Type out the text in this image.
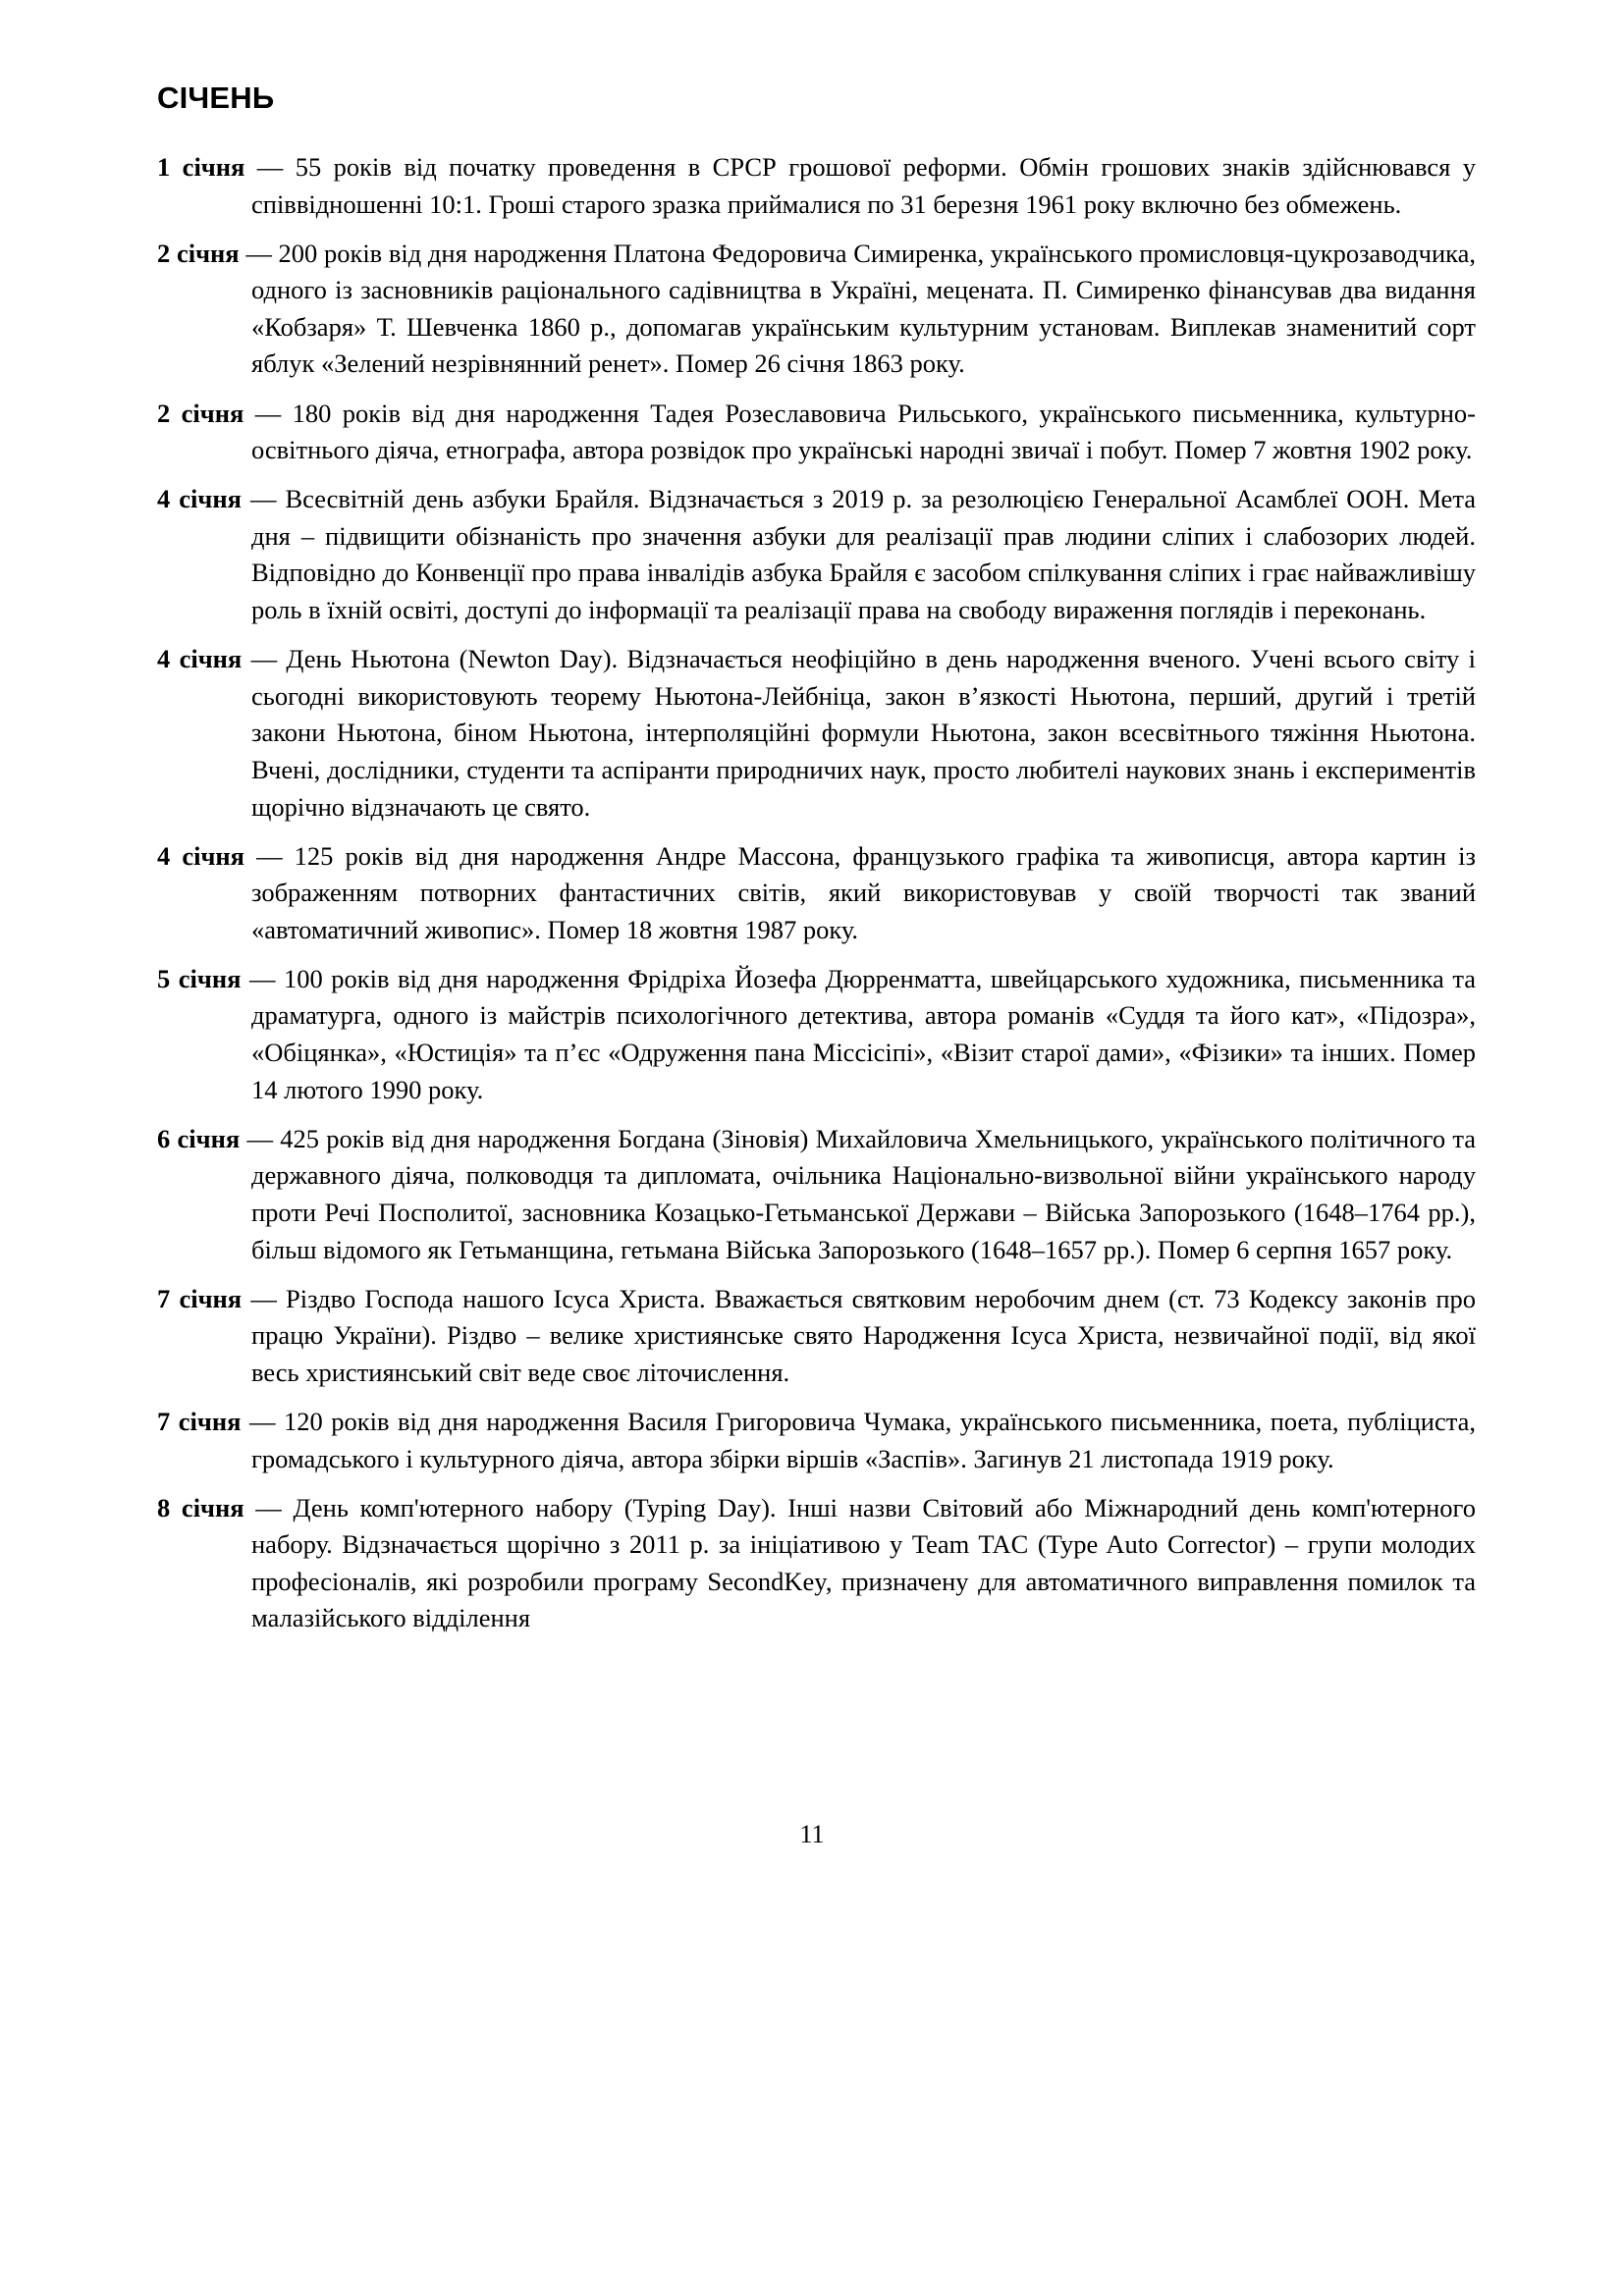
СІЧЕНЬ
1 січня — 55 років від початку проведення в СРСР грошової реформи. Обмін грошових знаків здійснювався у співвідношенні 10:1. Гроші старого зразка приймалися по 31 березня 1961 року включно без обмежень.
2 січня — 200 років від дня народження Платона Федоровича Симиренка, українського промисловця-цукрозаводчика, одного із засновників раціонального садівництва в Україні, мецената. П. Симиренко фінансував два видання «Кобзаря» Т. Шевченка 1860 р., допомагав українським культурним установам. Виплекав знаменитий сорт яблук «Зелений незрівнянний ренет». Помер 26 січня 1863 року.
2 січня — 180 років від дня народження Тадея Розеславовича Рильського, українського письменника, культурно-освітнього діяча, етнографа, автора розвідок про українські народні звичаї і побут. Помер 7 жовтня 1902 року.
4 січня — Всесвітній день азбуки Брайля. Відзначається з 2019 р. за резолюцією Генеральної Асамблеї ООН. Мета дня – підвищити обізнаність про значення азбуки для реалізації прав людини сліпих і слабозорих людей. Відповідно до Конвенції про права інвалідів азбука Брайля є засобом спілкування сліпих і грає найважливішу роль в їхній освіті, доступі до інформації та реалізації права на свободу вираження поглядів і переконань.
4 січня — День Ньютона (Newton Day). Відзначається неофіційно в день народження вченого. Учені всього світу і сьогодні використовують теорему Ньютона-Лейбніца, закон в’язкості Ньютона, перший, другий і третій закони Ньютона, біном Ньютона, інтерполяційні формули Ньютона, закон всесвітнього тяжіння Ньютона. Вчені, дослідники, студенти та аспіранти природничих наук, просто любителі наукових знань і експериментів щорічно відзначають це свято.
4 січня — 125 років від дня народження Андре Массона, французького графіка та живописця, автора картин із зображенням потворних фантастичних світів, який використовував у своїй творчості так званий «автоматичний живопис». Помер 18 жовтня 1987 року.
5 січня — 100 років від дня народження Фрідріха Йозефа Дюрренматта, швейцарського художника, письменника та драматурга, одного із майстрів психологічного детектива, автора романів «Суддя та його кат», «Підозра», «Обіцянка», «Юстиція» та п’єс «Одруження пана Міссісіпі», «Візит старої дами», «Фізики» та інших. Помер 14 лютого 1990 року.
6 січня — 425 років від дня народження Богдана (Зіновія) Михайловича Хмельницького, українського політичного та державного діяча, полководця та дипломата, очільника Національно-визвольної війни українського народу проти Речі Посполитої, засновника Козацько-Гетьманської Держави – Війська Запорозького (1648–1764 рр.), більш відомого як Гетьманщина, гетьмана Війська Запорозького (1648–1657 рр.). Помер 6 серпня 1657 року.
7 січня — Різдво Господа нашого Ісуса Христа. Вважається святковим неробочим днем (ст. 73 Кодексу законів про працю України). Різдво – велике християнське свято Народження Ісуса Христа, незвичайної події, від якої весь християнський світ веде своє літочислення.
7 січня — 120 років від дня народження Василя Григоровича Чумака, українського письменника, поета, публіциста, громадського і культурного діяча, автора збірки віршів «Заспів». Загинув 21 листопада 1919 року.
8 січня — День комп'ютерного набору (Typing Day). Інші назви Світовий або Міжнародний день комп'ютерного набору. Відзначається щорічно з 2011 р. за ініціативою у Team TAC (Type Auto Corrector) – групи молодих професіоналів, які розробили програму SecondKey, призначену для автоматичного виправлення помилок та малазійського відділення

11
